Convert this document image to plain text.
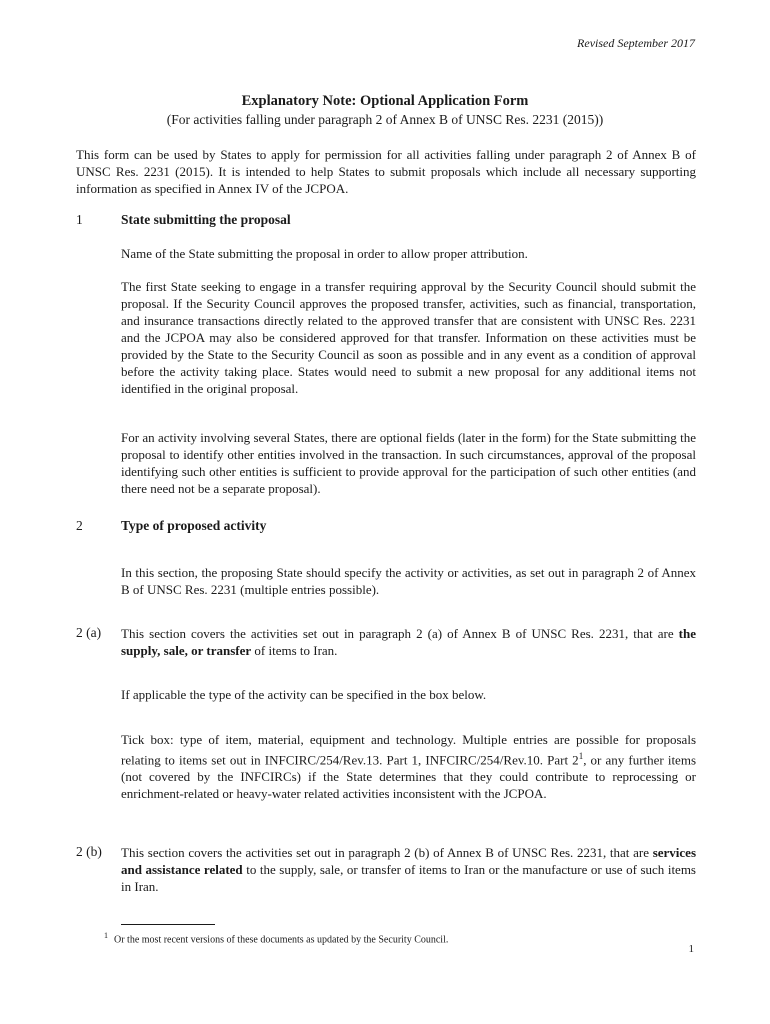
Revised September 2017
Explanatory Note: Optional Application Form
(For activities falling under paragraph 2 of Annex B of UNSC Res. 2231 (2015))
This form can be used by States to apply for permission for all activities falling under paragraph 2 of Annex B of UNSC Res. 2231 (2015). It is intended to help States to submit proposals which include all necessary supporting information as specified in Annex IV of the JCPOA.
1	State submitting the proposal
Name of the State submitting the proposal in order to allow proper attribution.
The first State seeking to engage in a transfer requiring approval by the Security Council should submit the proposal. If the Security Council approves the proposed transfer, activities, such as financial, transportation, and insurance transactions directly related to the approved transfer that are consistent with UNSC Res. 2231 and the JCPOA may also be considered approved for that transfer. Information on these activities must be provided by the State to the Security Council as soon as possible and in any event as a condition of approval before the activity taking place. States would need to submit a new proposal for any additional items not identified in the original proposal.
For an activity involving several States, there are optional fields (later in the form) for the State submitting the proposal to identify other entities involved in the transaction. In such circumstances, approval of the proposal identifying such other entities is sufficient to provide approval for the participation of such other entities (and there need not be a separate proposal).
2	Type of proposed activity
In this section, the proposing State should specify the activity or activities, as set out in paragraph 2 of Annex B of UNSC Res. 2231 (multiple entries possible).
2 (a) This section covers the activities set out in paragraph 2 (a) of Annex B of UNSC Res. 2231, that are the supply, sale, or transfer of items to Iran.
If applicable the type of the activity can be specified in the box below.
Tick box: type of item, material, equipment and technology. Multiple entries are possible for proposals relating to items set out in INFCIRC/254/Rev.13. Part 1, INFCIRC/254/Rev.10. Part $2^1$, or any further items (not covered by the INFCIRCs) if the State determines that they could contribute to reprocessing or enrichment-related or heavy-water related activities inconsistent with the JCPOA.
2 (b) This section covers the activities set out in paragraph 2 (b) of Annex B of UNSC Res. 2231, that are services and assistance related to the supply, sale, or transfer of items to Iran or the manufacture or use of such items in Iran.
$^1$ Or the most recent versions of these documents as updated by the Security Council.
1
